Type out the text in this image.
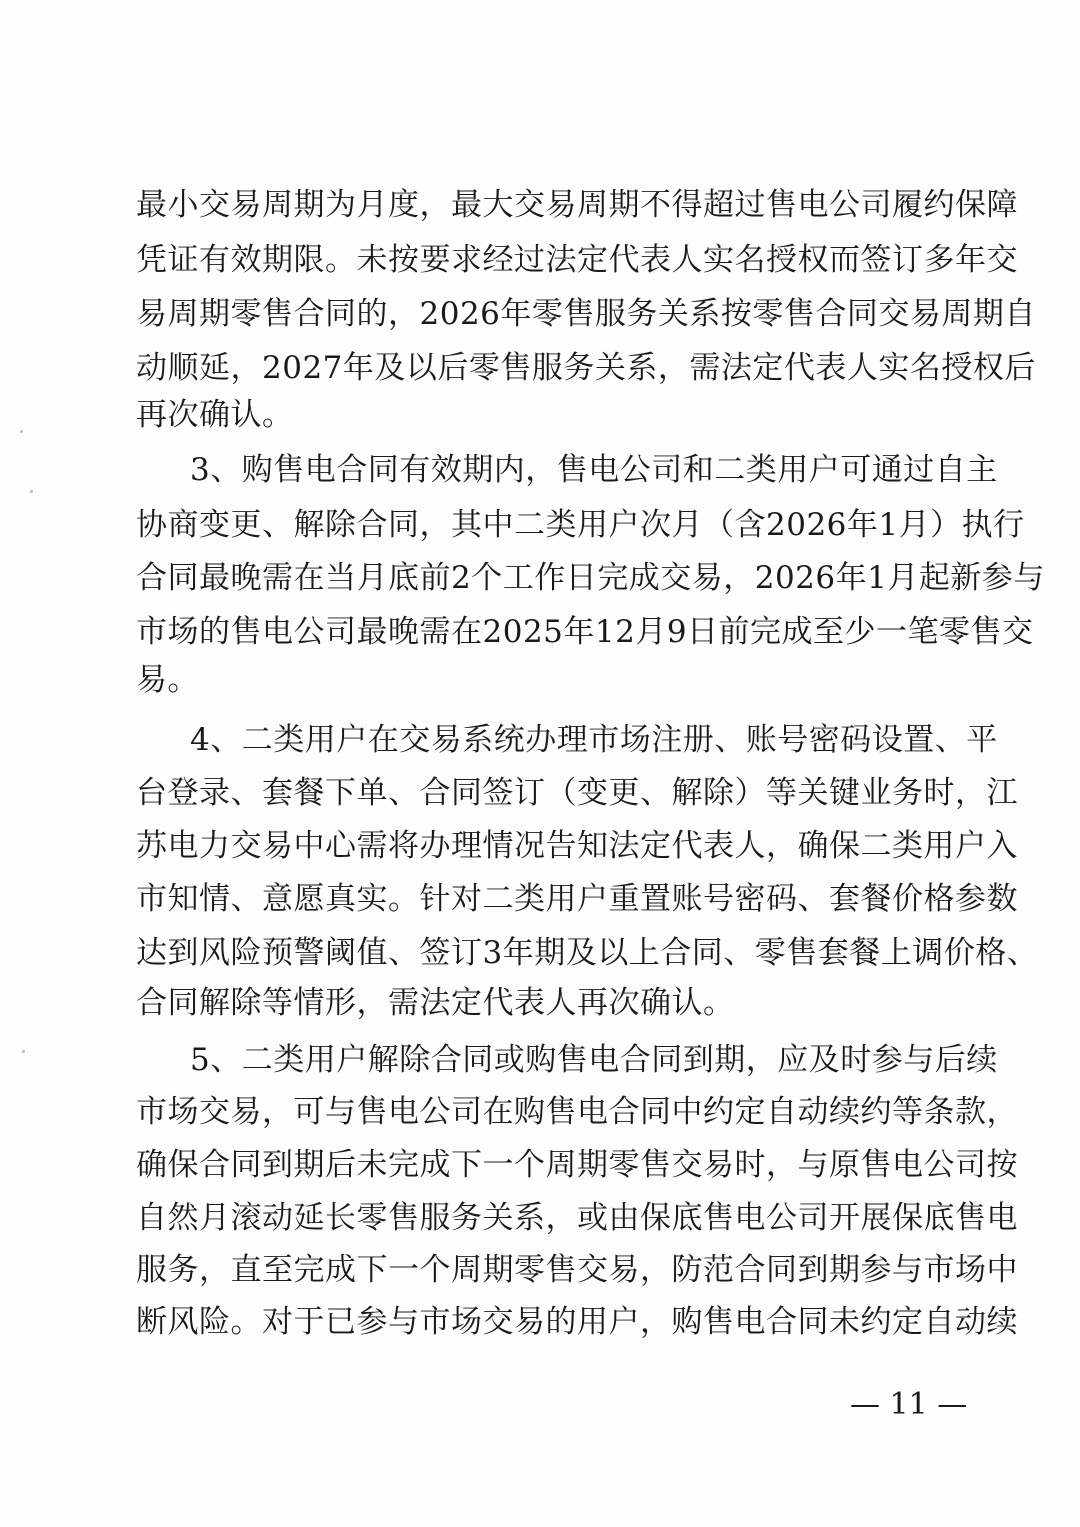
最小交易周期为月度，最大交易周期不得超过售电公司履约保障
凭证有效期限。未按要求经过法定代表人实名授权而签订多年交
易周期零售合同的，2026年零售服务关系按零售合同交易周期自
动顺延，2027年及以后零售服务关系，需法定代表人实名授权后
再次确认。
3、购售电合同有效期内，售电公司和二类用户可通过自主
协商变更、解除合同，其中二类用户次月（含2026年1月）执行
合同最晚需在当月底前2个工作日完成交易，2026年1月起新参与
市场的售电公司最晚需在2025年12月9日前完成至少一笔零售交
易。
4、二类用户在交易系统办理市场注册、账号密码设置、平
台登录、套餐下单、合同签订（变更、解除）等关键业务时，江
苏电力交易中心需将办理情况告知法定代表人，确保二类用户入
市知情、意愿真实。针对二类用户重置账号密码、套餐价格参数
达到风险预警阈值、签订3年期及以上合同、零售套餐上调价格、
合同解除等情形，需法定代表人再次确认。
5、二类用户解除合同或购售电合同到期，应及时参与后续
市场交易，可与售电公司在购售电合同中约定自动续约等条款，
确保合同到期后未完成下一个周期零售交易时，与原售电公司按
自然月滚动延长零售服务关系，或由保底售电公司开展保底售电
服务，直至完成下一个周期零售交易，防范合同到期参与市场中
断风险。对于已参与市场交易的用户，购售电合同未约定自动续
— 11 —
